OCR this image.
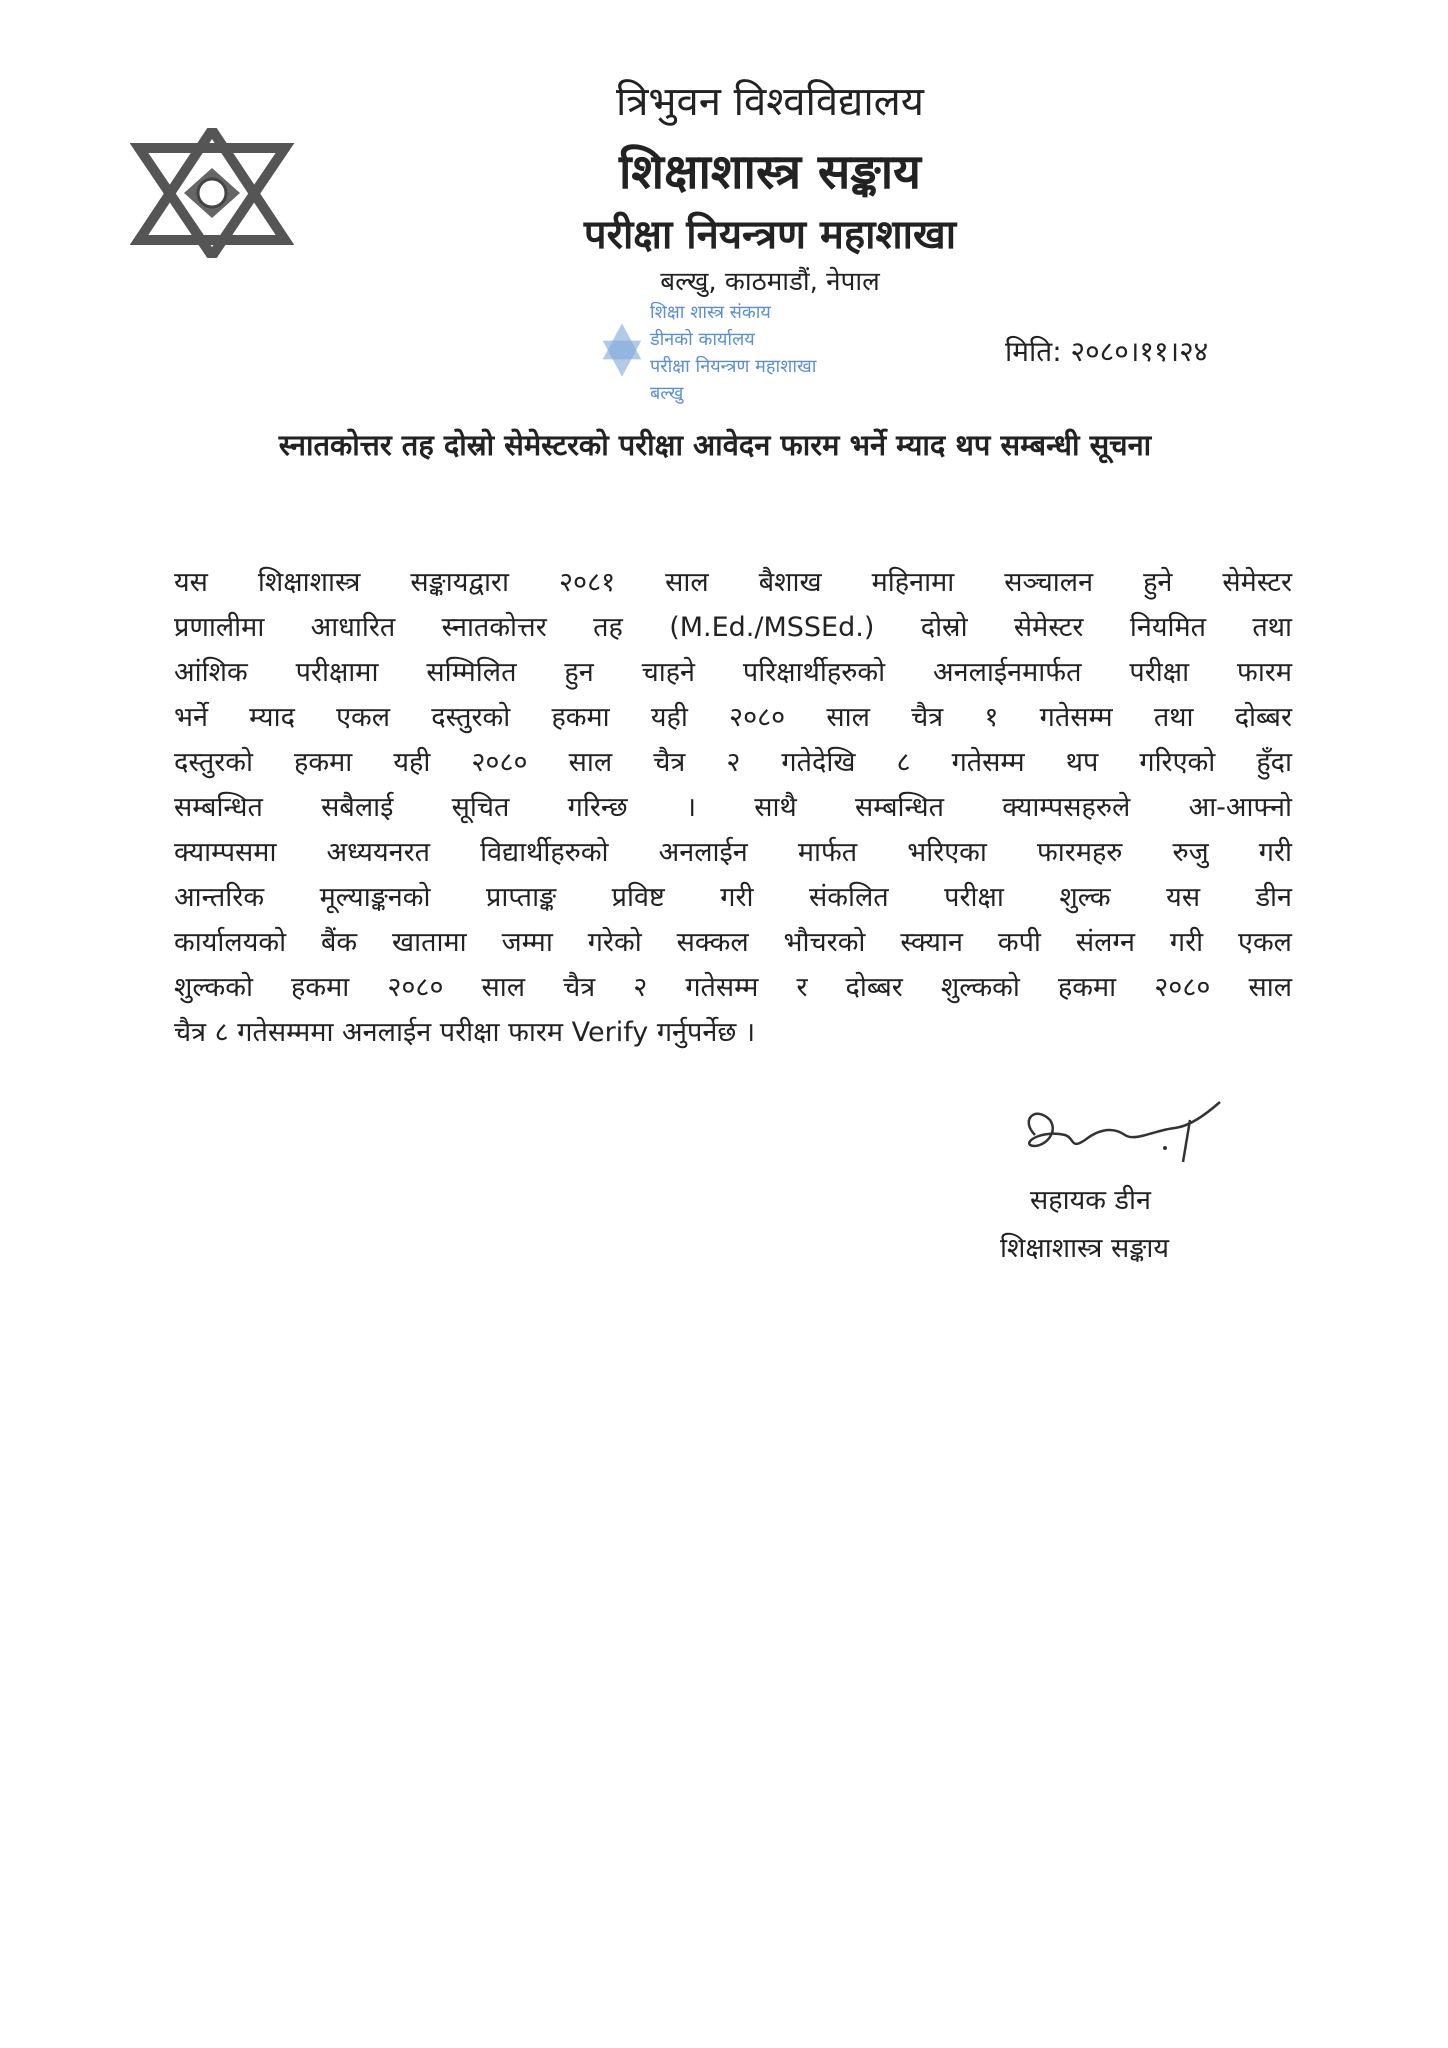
त्रिभुवन विश्वविद्यालय
शिक्षाशास्त्र सङ्काय
परीक्षा नियन्त्रण महाशाखा
बल्खु, काठमाडौं, नेपाल
शिक्षा शास्त्र संकाय
डीनको कार्यालय
परीक्षा नियन्त्रण महाशाखा
बल्खु
मिति: २०८०।११।२४
स्नातकोत्तर तह दोस्रो सेमेस्टरको परीक्षा आवेदन फारम भर्ने म्याद थप सम्बन्धी सूचना
यस शिक्षाशास्त्र सङ्कायद्वारा २०८१ साल बैशाख महिनामा सञ्चालन हुने सेमेस्टर
प्रणालीमा आधारित स्नातकोत्तर तह (M.Ed./MSSEd.) दोस्रो सेमेस्टर नियमित तथा
आंशिक परीक्षामा सम्मिलित हुन चाहने परिक्षार्थीहरुको अनलाईनमार्फत परीक्षा फारम
भर्ने म्याद एकल दस्तुरको हकमा यही २०८० साल चैत्र १ गतेसम्म तथा दोब्बर
दस्तुरको हकमा यही २०८० साल चैत्र २ गतेदेखि ८ गतेसम्म थप गरिएको हुँदा
सम्बन्धित सबैलाई सूचित गरिन्छ । साथै सम्बन्धित क्याम्पसहरुले आ-आफ्नो
क्याम्पसमा अध्ययनरत विद्यार्थीहरुको अनलाईन मार्फत भरिएका फारमहरु रुजु गरी
आन्तरिक मूल्याङ्कनको प्राप्ताङ्क प्रविष्ट गरी संकलित परीक्षा शुल्क यस डीन
कार्यालयको बैंक खातामा जम्मा गरेको सक्कल भौचरको स्क्यान कपी संलग्न गरी एकल
शुल्कको हकमा २०८० साल चैत्र २ गतेसम्म र दोब्बर शुल्कको हकमा २०८० साल
चैत्र ८ गतेसम्ममा अनलाईन परीक्षा फारम Verify गर्नुपर्नेछ ।
सहायक डीन
शिक्षाशास्त्र सङ्काय
